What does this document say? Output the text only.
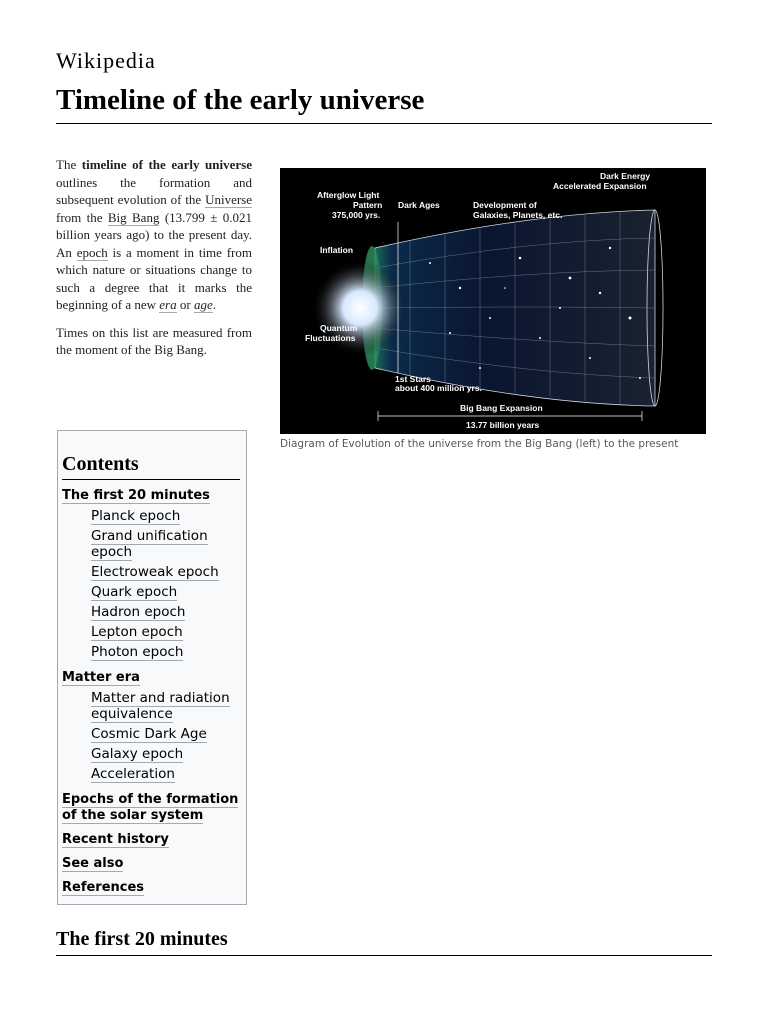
Wikipedia
Timeline of the early universe

The timeline of the early universe outlines the formation and subsequent evolution of the Universe from the Big Bang (13.799 ± 0.021 billion years ago) to the present day. An epoch is a moment in time from which nature or situations change to such a degree that it marks the beginning of a new era or age.

Times on this list are measured from the moment of the Big Bang.

Dark Energy
Accelerated Expansion
Afterglow Light
Pattern
375,000 yrs.
Dark Ages	Development of
Galaxies, Planets, etc.
Inflation
Quantum
Fluctuations
1st Stars
about 400 million yrs.
Big Bang Expansion
13.77 billion years
Diagram of Evolution of the universe from the Big Bang (left) to the present
Contents
The first 20 minutes
Planck epoch
Grand unification epoch
Electroweak epoch
Quark epoch
Hadron epoch
Lepton epoch
Photon epoch
Matter era
Matter and radiation equivalence
Cosmic Dark Age
Galaxy epoch
Acceleration
Epochs of the formation of the solar system
Recent history
See also
References
The first 20 minutes
